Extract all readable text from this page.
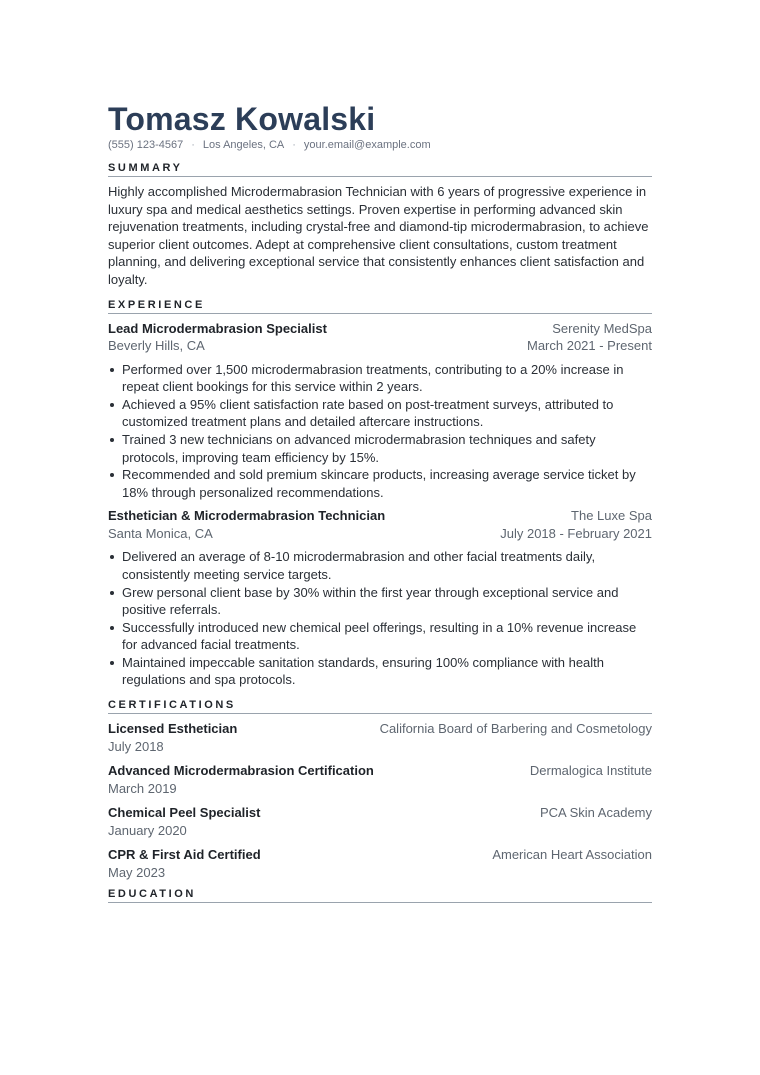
Tomasz Kowalski
(555) 123-4567 · Los Angeles, CA · your.email@example.com
SUMMARY

Highly accomplished Microdermabrasion Technician with 6 years of progressive experience in luxury spa and medical aesthetics settings. Proven expertise in performing advanced skin rejuvenation treatments, including crystal-free and diamond-tip microdermabrasion, to achieve superior client outcomes. Adept at comprehensive client consultations, custom treatment planning, and delivering exceptional service that consistently enhances client satisfaction and loyalty.

EXPERIENCE
Lead Microdermabrasion Specialist	Serenity MedSpa
Beverly Hills, CA	March 2021 - Present
Performed over 1,500 microdermabrasion treatments, contributing to a 20% increase in repeat client bookings for this service within 2 years.
Achieved a 95% client satisfaction rate based on post-treatment surveys, attributed to customized treatment plans and detailed aftercare instructions.
Trained 3 new technicians on advanced microdermabrasion techniques and safety protocols, improving team efficiency by 15%.
Recommended and sold premium skincare products, increasing average service ticket by 18% through personalized recommendations.
Esthetician & Microdermabrasion Technician	The Luxe Spa
Santa Monica, CA	July 2018 - February 2021
Delivered an average of 8-10 microdermabrasion and other facial treatments daily, consistently meeting service targets.
Grew personal client base by 30% within the first year through exceptional service and positive referrals.
Successfully introduced new chemical peel offerings, resulting in a 10% revenue increase for advanced facial treatments.
Maintained impeccable sanitation standards, ensuring 100% compliance with health regulations and spa protocols.
CERTIFICATIONS
Licensed Esthetician	California Board of Barbering and Cosmetology
July 2018
Advanced Microdermabrasion Certification	Dermalogica Institute
March 2019
Chemical Peel Specialist	PCA Skin Academy
January 2020
CPR & First Aid Certified	American Heart Association
May 2023
EDUCATION
